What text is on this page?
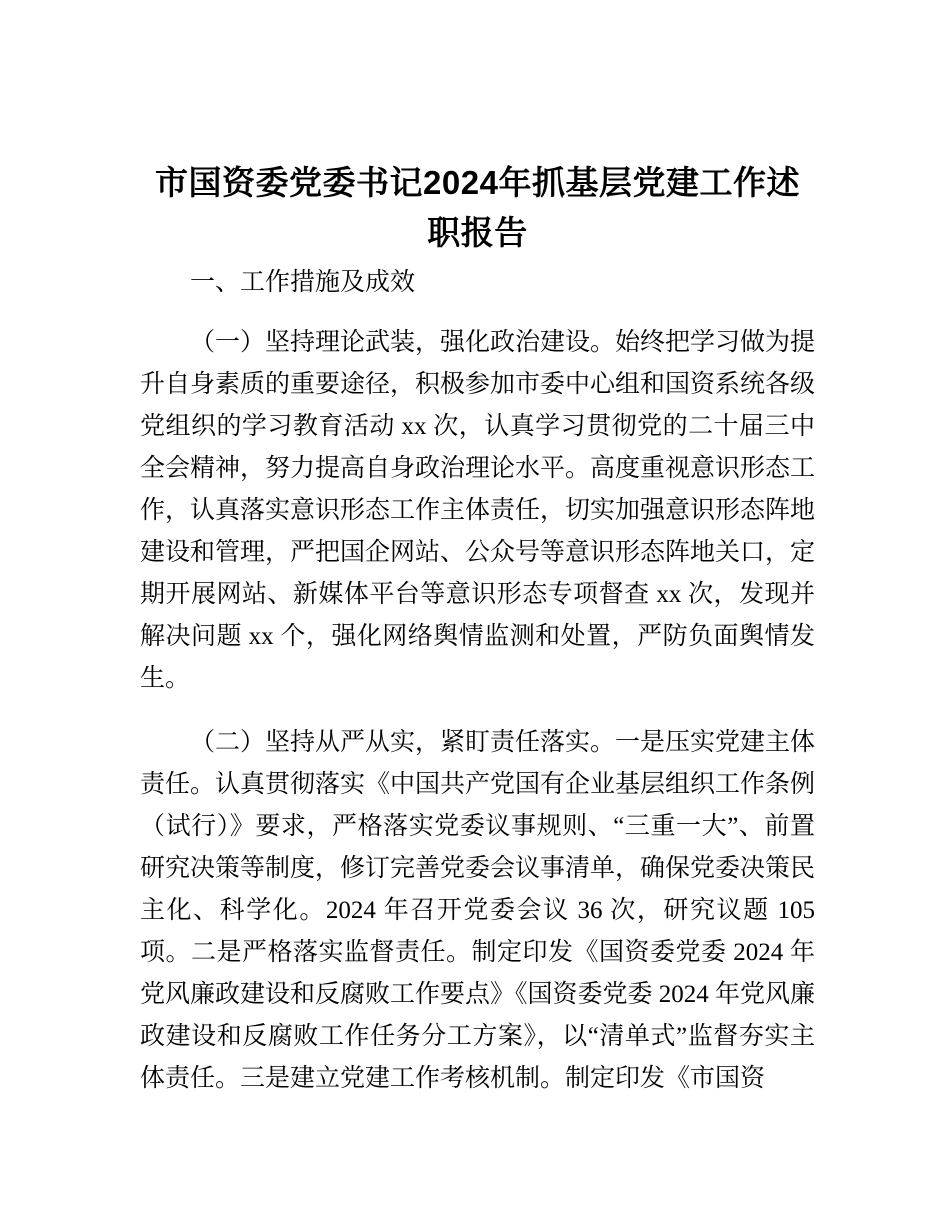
市国资委党委书记2024年抓基层党建工作述职报告
一、工作措施及成效

（一）坚持理论武装，强化政治建设。始终把学习做为提升自身素质的重要途径，积极参加市委中心组和国资系统各级党组织的学习教育活动 xx 次，认真学习贯彻党的二十届三中全会精神，努力提高自身政治理论水平。高度重视意识形态工作，认真落实意识形态工作主体责任，切实加强意识形态阵地建设和管理，严把国企网站、公众号等意识形态阵地关口，定期开展网站、新媒体平台等意识形态专项督查 xx 次，发现并解决问题 xx 个，强化网络舆情监测和处置，严防负面舆情发生。

（二）坚持从严从实，紧盯责任落实。一是压实党建主体责任。认真贯彻落实《中国共产党国有企业基层组织工作条例（试行）》要求，严格落实党委议事规则、“三重一大”、前置研究决策等制度，修订完善党委会议事清单，确保党委决策民主化、科学化。2024 年召开党委会议 36 次，研究议题 105 项。二是严格落实监督责任。制定印发《国资委党委 2024 年党风廉政建设和反腐败工作要点》《国资委党委 2024 年党风廉政建设和反腐败工作任务分工方案》，以“清单式”监督夯实主体责任。三是建立党建工作考核机制。制定印发《市国资
